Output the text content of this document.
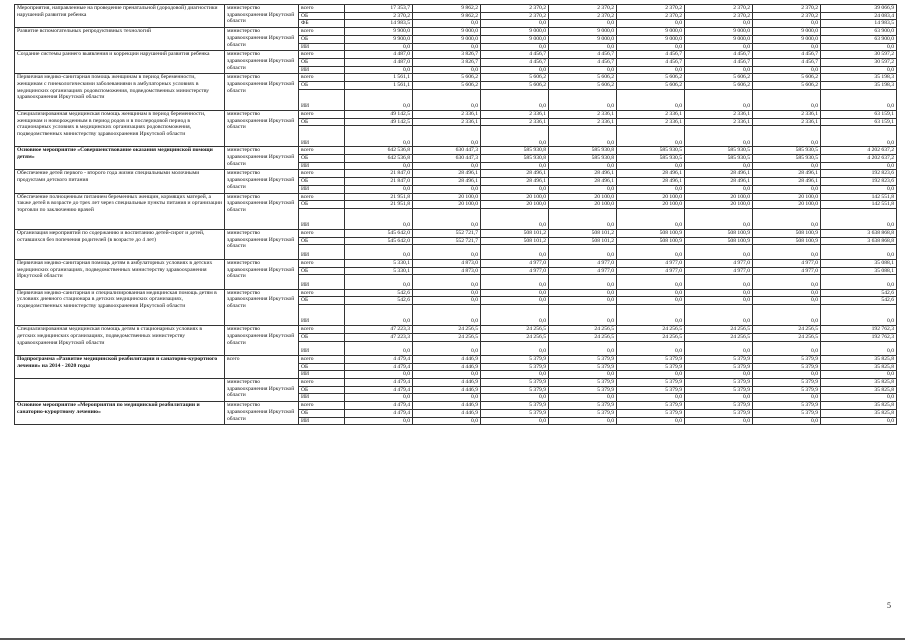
Мероприятия, направленные на проведение пренатальной (дородовой) диагностики нарушений развития ребенка	министерство здравоохранения Иркутской области	всего	17 353,7	9 862,2	2 370,2	2 370,2	2 370,2	2 370,2	2 370,2	39 066,9
		ОБ	2 370,2	9 862,2	2 370,2	2 370,2	2 370,2	2 370,2	2 370,2	24 083,4
		ФБ	14 983,5	0,0	0,0	0,0	0,0	0,0	0,0	14 983,5
Развитие вспомогательных репродуктивных технологий	министерство здравоохранения Иркутской области	всего	9 900,0	9 000,0	9 000,0	9 000,0	9 000,0	9 000,0	9 000,0	63 900,0
		ОБ	9 900,0	9 000,0	9 000,0	9 000,0	9 000,0	9 000,0	9 000,0	63 900,0
		ИИ	0,0	0,0	0,0	0,0	0,0	0,0	0,0	0,0
Создание системы раннего выявления и коррекции нарушений развития ребенка	министерство здравоохранения Иркутской области	всего	4 487,0	3 826,7	4 456,7	4 456,7	4 456,7	4 456,7	4 456,7	30 597,2
		ОБ	4 487,0	3 826,7	4 456,7	4 456,7	4 456,7	4 456,7	4 456,7	30 597,2
		ИИ	0,0	0,0	0,0	0,0	0,0	0,0	0,0	0,0
Первичная медико-санитарная помощь женщинам в период беременности, женщинам с гинекологическими заболеваниями в амбулаторных условиях в медицинских организациях родовспоможения, подведомственных министерству здравоохранения Иркутской области	министерство здравоохранения Иркутской области	всего	1 561,1	5 606,2	5 606,2	5 606,2	5 606,2	5 606,2	5 606,2	35 198,3
		ОБ	1 561,1	5 606,2	5 606,2	5 606,2	5 606,2	5 606,2	5 606,2	35 198,3
		ИИ	0,0	0,0	0,0	0,0	0,0	0,0	0,0	0,0
Специализированная медицинская помощь женщинам в период беременности, женщинам и новорожденным в период родов и в послеродовой период в стационарных условиях в медицинских организациях родовспоможения, подведомственных министерству здравоохранения Иркутской области	министерство здравоохранения Иркутской области	всего	49 142,5	2 336,1	2 336,1	2 336,1	2 336,1	2 336,1	2 336,1	63 159,1
		ОБ	49 142,5	2 336,1	2 336,1	2 336,1	2 336,1	2 336,1	2 336,1	63 159,1
		ИИ	0,0	0,0	0,0	0,0	0,0	0,0	0,0	0,0
Основное мероприятие «Совершенствование оказания медицинской помощи детям»	министерство здравоохранения Иркутской области	всего	642 536,8	630 447,3	585 930,8	585 930,8	585 930,5	585 930,5	585 930,5	4 202 637,2
		ОБ	642 536,8	630 447,3	585 930,8	585 930,8	585 930,5	585 930,5	585 930,5	4 202 637,2
		ИИ	0,0	0,0	0,0	0,0	0,0	0,0	0,0	0,0
Обеспечение детей первого - второго года жизни специальными молочными продуктами детского питания	министерство здравоохранения Иркутской области	всего	21 847,0	28 496,1	28 496,1	28 496,1	28 496,1	28 496,1	28 496,1	192 823,6
		ОБ	21 847,0	28 496,1	28 496,1	28 496,1	28 496,1	28 496,1	28 496,1	192 823,6
		ИИ	0,0	0,0	0,0	0,0	0,0	0,0	0,0	0,0
Обеспечение полноценным питанием беременных женщин, кормящих матерей, а также детей в возрасте до трех лет через специальные пункты питания и организации торговли по заключению врачей	министерство здравоохранения Иркутской области	всего	21 951,8	20 100,0	20 100,0	20 100,0	20 100,0	20 100,0	20 100,0	142 551,8
		ОБ	21 951,8	20 100,0	20 100,0	20 100,0	20 100,0	20 100,0	20 100,0	142 551,8
		ИИ	0,0	0,0	0,0	0,0	0,0	0,0	0,0	0,0
Организация мероприятий по содержанию и воспитанию детей-сирот и детей, оставшихся без попечения родителей (в возрасте до 4 лет)	министерство здравоохранения Иркутской области	всего	545 642,0	552 721,7	508 101,2	508 101,2	508 100,9	508 100,9	508 100,9	3 638 868,8
		ОБ	545 642,0	552 721,7	508 101,2	508 101,2	508 100,9	508 100,9	508 100,9	3 638 868,8
		ИИ	0,0	0,0	0,0	0,0	0,0	0,0	0,0	0,0
Первичная медико-санитарная помощь детям в амбулаторных условиях в детских медицинских организациях, подведомственных министерству здравоохранения Иркутской области	министерство здравоохранения Иркутской области	всего	5 330,1	4 873,0	4 977,0	4 977,0	4 977,0	4 977,0	4 977,0	35 088,1
		ОБ	5 330,1	4 873,0	4 977,0	4 977,0	4 977,0	4 977,0	4 977,0	35 088,1
		ИИ	0,0	0,0	0,0	0,0	0,0	0,0	0,0	0,0
Первичная медико-санитарная и специализированная медицинская помощь детям в условиях дневного стационара в детских медицинских организациях, подведомственных министерству здравоохранения Иркутской области	министерство здравоохранения Иркутской области	всего	542,6	0,0	0,0	0,0	0,0	0,0	0,0	542,6
		ОБ	542,6	0,0	0,0	0,0	0,0	0,0	0,0	542,6
		ИИ	0,0	0,0	0,0	0,0	0,0	0,0	0,0	0,0
Специализированная медицинская помощь детям в стационарных условиях в детских медицинских организациях, подведомственных министерству здравоохранения Иркутской области	министерство здравоохранения Иркутской области	всего	47 223,3	24 256,5	24 256,5	24 256,5	24 256,5	24 256,5	24 256,5	192 762,3
		ОБ	47 223,3	24 256,5	24 256,5	24 256,5	24 256,5	24 256,5	24 256,5	192 762,3
		ИИ	0,0	0,0	0,0	0,0	0,0	0,0	0,0	0,0
Подпрограмма «Развитие медицинской реабилитации и санаторно-курортного лечения» на 2014 - 2020 годы	всего	всего	4 479,4	4 446,9	5 379,9	5 379,9	5 379,9	5 379,9	5 379,9	35 825,8
		ОБ	4 479,4	4 446,9	5 379,9	5 379,9	5 379,9	5 379,9	5 379,9	35 825,8
		ИИ	0,0	0,0	0,0	0,0	0,0	0,0	0,0	0,0
	министерство здравоохранения Иркутской области	всего	4 479,4	4 446,9	5 379,9	5 379,9	5 379,9	5 379,9	5 379,9	35 825,8
		ОБ	4 479,4	4 446,9	5 379,9	5 379,9	5 379,9	5 379,9	5 379,9	35 825,8
		ИИ	0,0	0,0	0,0	0,0	0,0	0,0	0,0	0,0
Основное мероприятие «Мероприятия по медицинской реабилитации и санаторно-курортному лечению»	министерство здравоохранения Иркутской области	всего	4 479,4	4 446,9	5 379,9	5 379,9	5 379,9	5 379,9	5 379,9	35 825,8
		ОБ	4 479,4	4 446,9	5 379,9	5 379,9	5 379,9	5 379,9	5 379,9	35 825,8
		ИИ	0,0	0,0	0,0	0,0	0,0	0,0	0,0	0,0
5
